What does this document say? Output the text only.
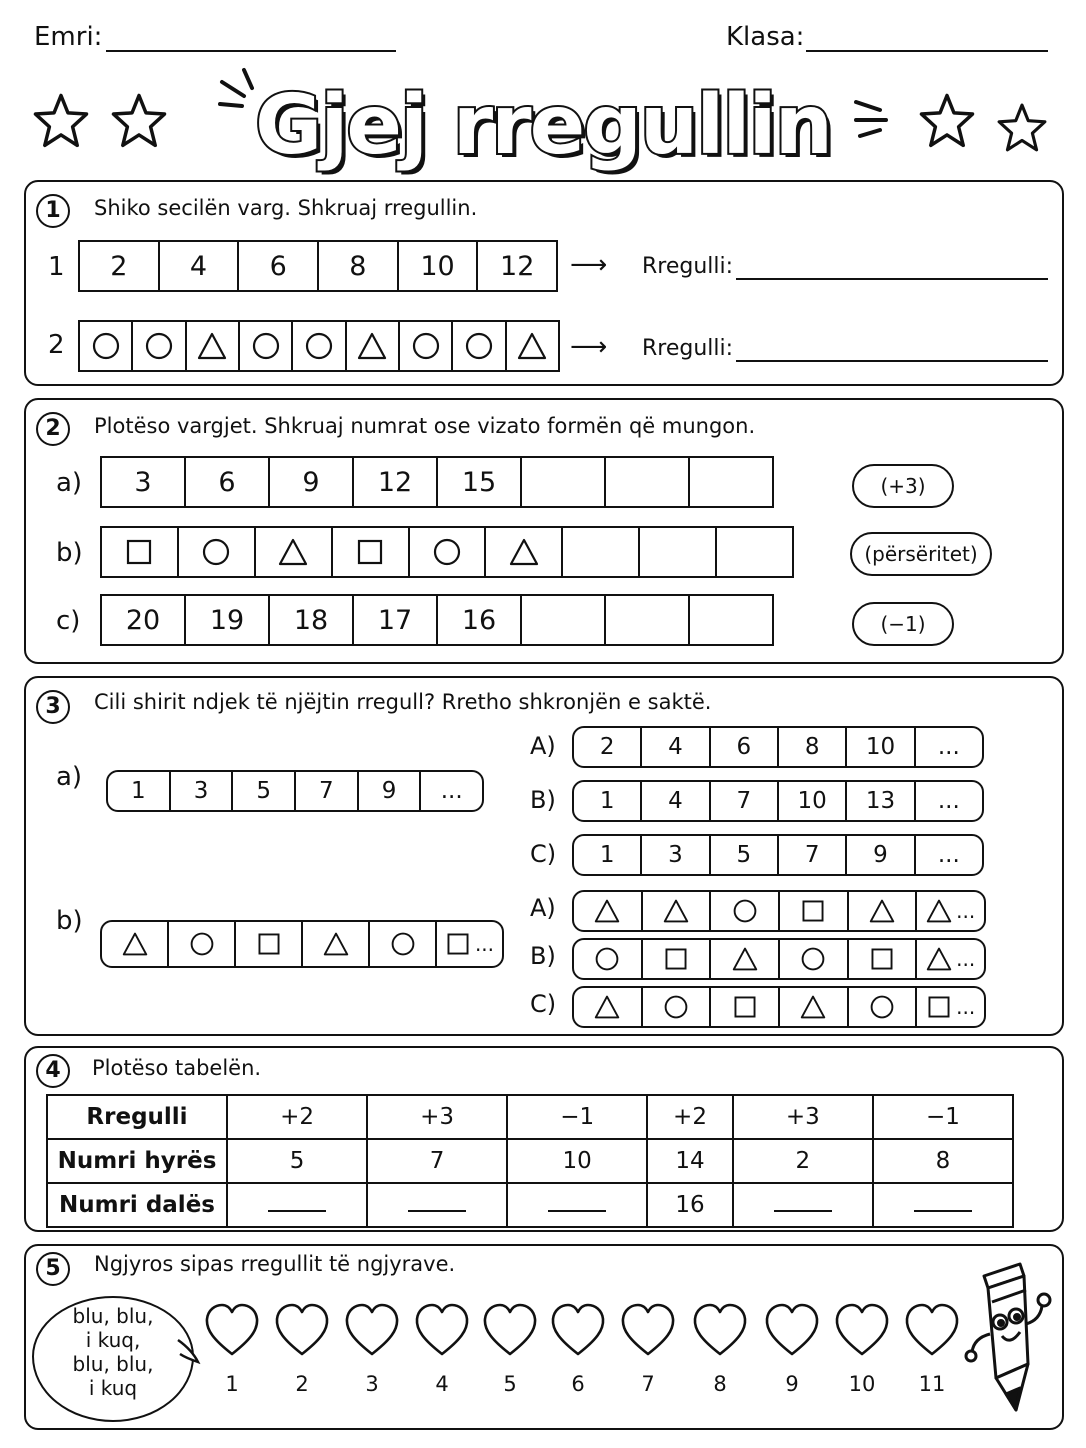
Emri:	Klasa:
Gjej rregullin
1	Shiko secilën varg. Shkruaj rregullin.
1	2	4	6	8	10	12	⟶ Rregulli:
2	⟶ Rregulli:
2	Plotëso vargjet. Shkruaj numrat ose vizato formën që mungon.
a)	3	6	9	12	15	(+3)
b)	(përsëritet)
c)	20	19	18	17	16	(−1)
3	Cili shirit ndjek të njëjtin rregull? Rretho shkronjën e saktë.
a)	1	3	5	7	9	...
b)
...
A)	2	4	6	8	10	...
B)	1	4	7	10	13	...
C)	1	3	5	7	9	...
A)	...
B)	...
C)	...
4	Plotëso tabelën.
Rregulli	+2	+3	−1	+2	+3	−1
Numri hyrës	5	7	10	14	2	8
Numri dalës				16		
5	Ngjyros sipas rregullit të ngjyrave.
blu, blu,
i kuq,
blu, blu,
i kuq	1	2	3	4	5	6	7	8	9	10	11
